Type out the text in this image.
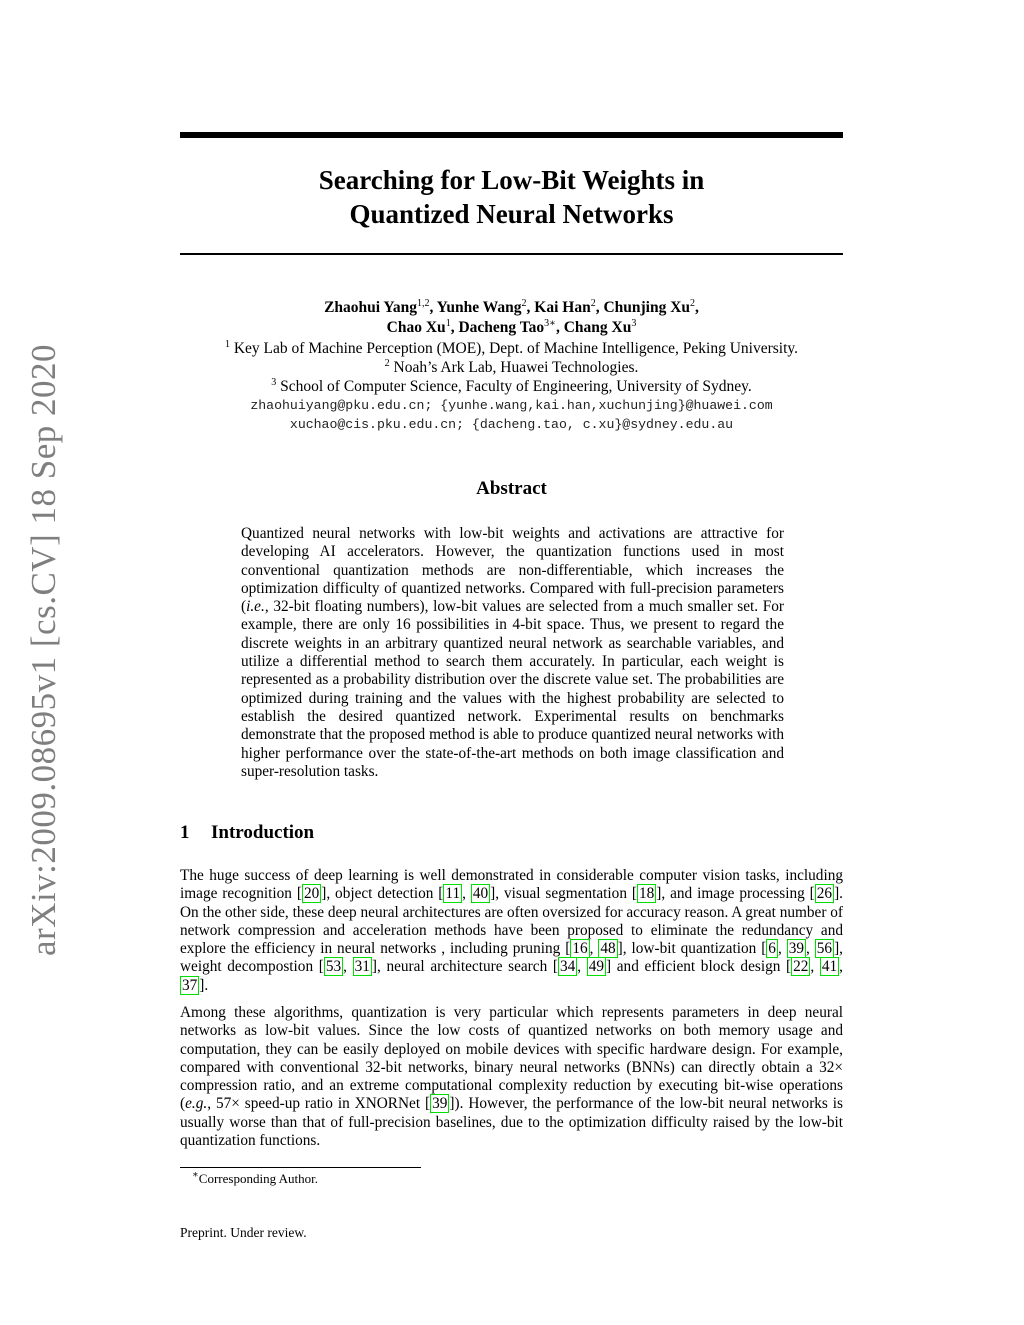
arXiv:2009.08695v1 [cs.CV] 18 Sep 2020
Searching for Low-Bit Weights in
Quantized Neural Networks
Zhaohui Yang$^{1,2}$, Yunhe Wang$^2$, Kai Han$^2$, Chunjing Xu$^2$,
Chao Xu$^1$, Dacheng Tao$^{3∗}$, Chang Xu$^3$
$^1$ Key Lab of Machine Perception (MOE), Dept. of Machine Intelligence, Peking University.
$^2$ Noah’s Ark Lab, Huawei Technologies.
$^3$ School of Computer Science, Faculty of Engineering, University of Sydney.
zhaohuiyang@pku.edu.cn; {yunhe.wang,kai.han,xuchunjing}@huawei.com
xuchao@cis.pku.edu.cn; {dacheng.tao, c.xu}@sydney.edu.au
Abstract
Quantized neural networks with low-bit weights and activations are attractive for developing AI accelerators. However, the quantization functions used in most conventional quantization methods are non-differentiable, which increases the optimization difficulty of quantized networks. Compared with full-precision parameters (i.e., 32-bit floating numbers), low-bit values are selected from a much smaller set. For example, there are only 16 possibilities in 4-bit space. Thus, we present to regard the discrete weights in an arbitrary quantized neural network as searchable variables, and utilize a differential method to search them accurately. In particular, each weight is represented as a probability distribution over the discrete value set. The probabilities are optimized during training and the values with the highest probability are selected to establish the desired quantized network. Experimental results on benchmarks demonstrate that the proposed method is able to produce quantized neural networks with higher performance over the state-of-the-art methods on both image classification and super-resolution tasks.
1 Introduction
The huge success of deep learning is well demonstrated in considerable computer vision tasks, including image recognition [ 20 ], object detection [ 11 , 40 ], visual segmentation [ 18 ], and image processing [ 26 ]. On the other side, these deep neural architectures are often oversized for accuracy reason. A great number of network compression and acceleration methods have been proposed to eliminate the redundancy and explore the efficiency in neural networks , including pruning [ 16 , 48 ], low-bit quantization [ 6 , 39 , 56 ], weight decompostion [ 53 , 31 ], neural architecture search [ 34 , 49 ] and efficient block design [ 22 , 41 , 37 ].
Among these algorithms, quantization is very particular which represents parameters in deep neural networks as low-bit values. Since the low costs of quantized networks on both memory usage and computation, they can be easily deployed on mobile devices with specific hardware design. For example, compared with conventional 32-bit networks, binary neural networks (BNNs) can directly obtain a 32× compression ratio, and an extreme computational complexity reduction by executing bit-wise operations (e.g., 57× speed-up ratio in XNORNet [ 39 ]). However, the performance of the low-bit neural networks is usually worse than that of full-precision baselines, due to the optimization difficulty raised by the low-bit quantization functions.
∗Corresponding Author.
Preprint. Under review.
